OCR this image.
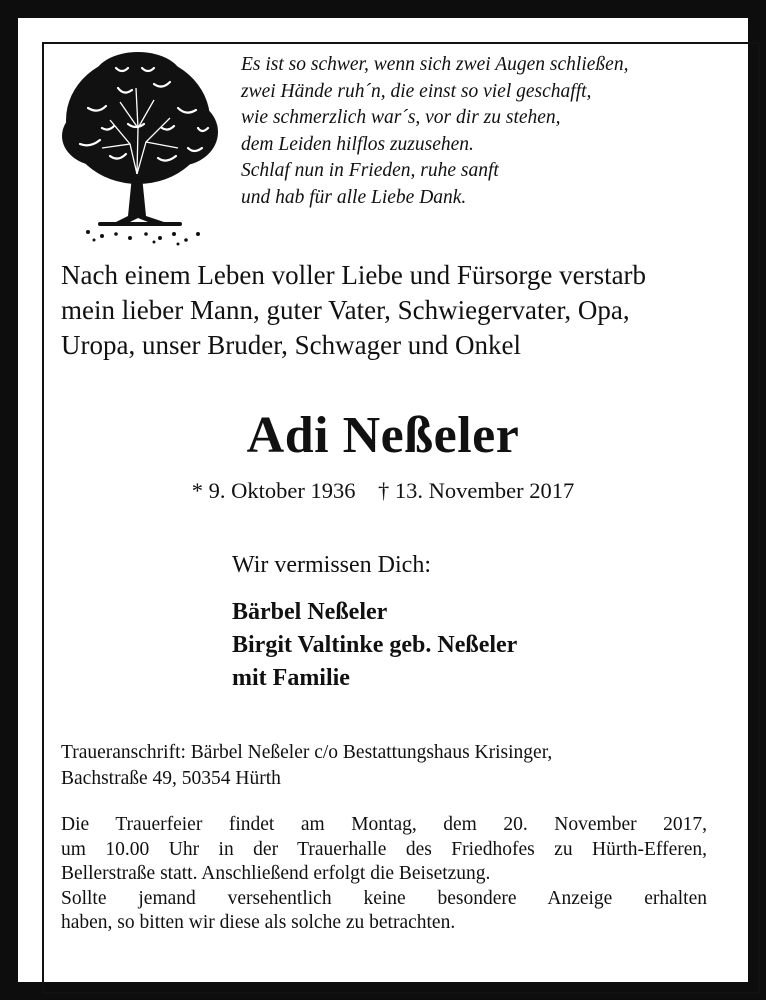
Es ist so schwer, wenn sich zwei Augen schließen,
zwei Hände ruh´n, die einst so viel geschafft,
wie schmerzlich war´s, vor dir zu stehen,
dem Leiden hilflos zuzusehen.
Schlaf nun in Frieden, ruhe sanft
und hab für alle Liebe Dank.
Nach einem Leben voller Liebe und Fürsorge verstarb
mein lieber Mann, guter Vater, Schwiegervater, Opa,
Uropa, unser Bruder, Schwager und Onkel
Adi Neßeler
* 9. Oktober 1936    † 13. November 2017
Wir vermissen Dich:
Bärbel Neßeler
Birgit Valtinke geb. Neßeler
mit Familie
Traueranschrift: Bärbel Neßeler c/o Bestattungshaus Krisinger,
Bachstraße 49, 50354 Hürth
Die Trauerfeier findet am Montag, dem 20. November 2017,
um 10.00 Uhr in der Trauerhalle des Friedhofes zu Hürth-Efferen,
Bellerstraße statt. Anschließend erfolgt die Beisetzung.
Sollte jemand versehentlich keine besondere Anzeige erhalten
haben, so bitten wir diese als solche zu betrachten.
